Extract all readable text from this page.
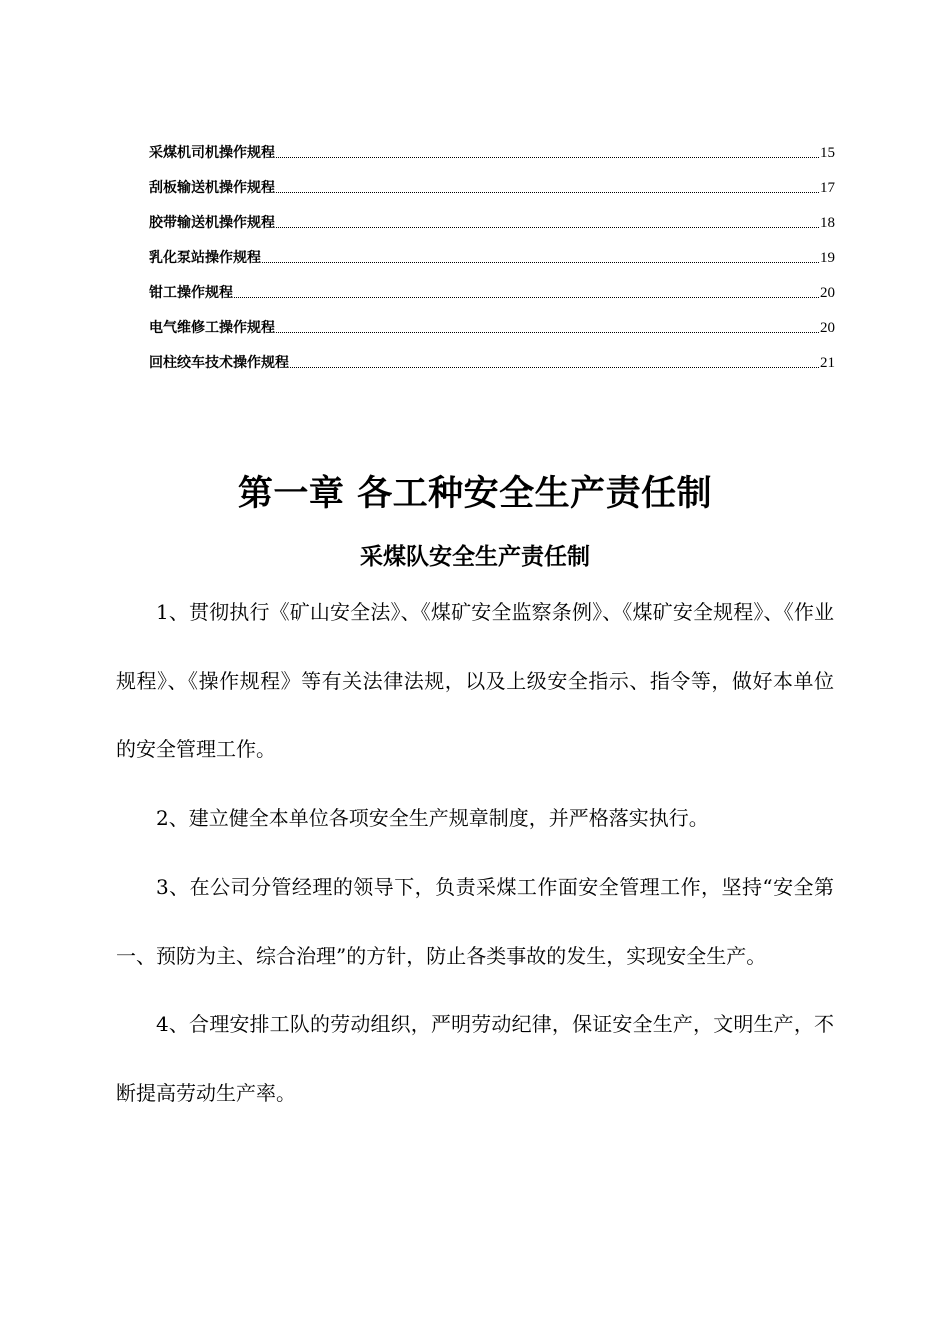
采煤机司机操作规程	15
刮板输送机操作规程	17
胶带输送机操作规程	18
乳化泵站操作规程	19
钳工操作规程	20
电气维修工操作规程	20
回柱绞车技术操作规程	21
第一章 各工种安全生产责任制
采煤队安全生产责任制

1、贯彻执行《矿山安全法》、《煤矿安全监察条例》、《煤矿安全规程》、《作业规程》、《操作规程》等有关法律法规，以及上级安全指示、指令等，做好本单位的安全管理工作。

2、建立健全本单位各项安全生产规章制度，并严格落实执行。

3、在公司分管经理的领导下，负责采煤工作面安全管理工作，坚持“安全第一、预防为主、综合治理”的方针，防止各类事故的发生，实现安全生产。

4、合理安排工队的劳动组织，严明劳动纪律，保证安全生产，文明生产，不断提高劳动生产率。
